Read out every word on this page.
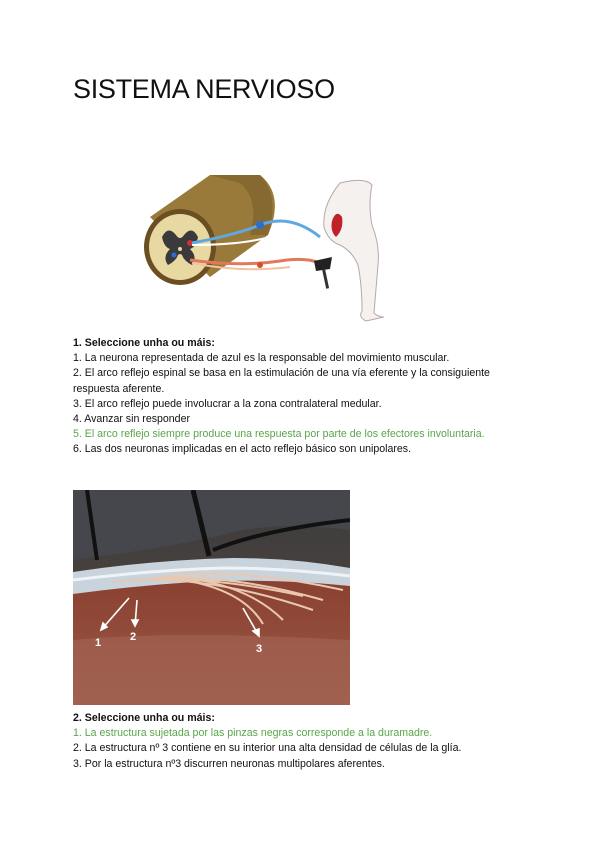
SISTEMA NERVIOSO
1. Seleccione unha ou máis:
1. La neurona representada de azul es la responsable del movimiento muscular.
2. El arco reflejo espinal se basa en la estimulación de una vía eferente y la consiguiente respuesta aferente.
3. El arco reflejo puede involucrar a la zona contralateral medular.
4. Avanzar sin responder
5. El arco reflejo siempre produce una respuesta por parte de los efectores involuntaria.
6. Las dos neuronas implicadas en el acto reflejo básico son unipolares.
1	2
3
2. Seleccione unha ou máis:
1. La estructura sujetada por las pinzas negras corresponde a la duramadre.
2. La estructura nº 3 contiene en su interior una alta densidad de células de la glía.
3. Por la estructura nº3 discurren neuronas multipolares aferentes.
